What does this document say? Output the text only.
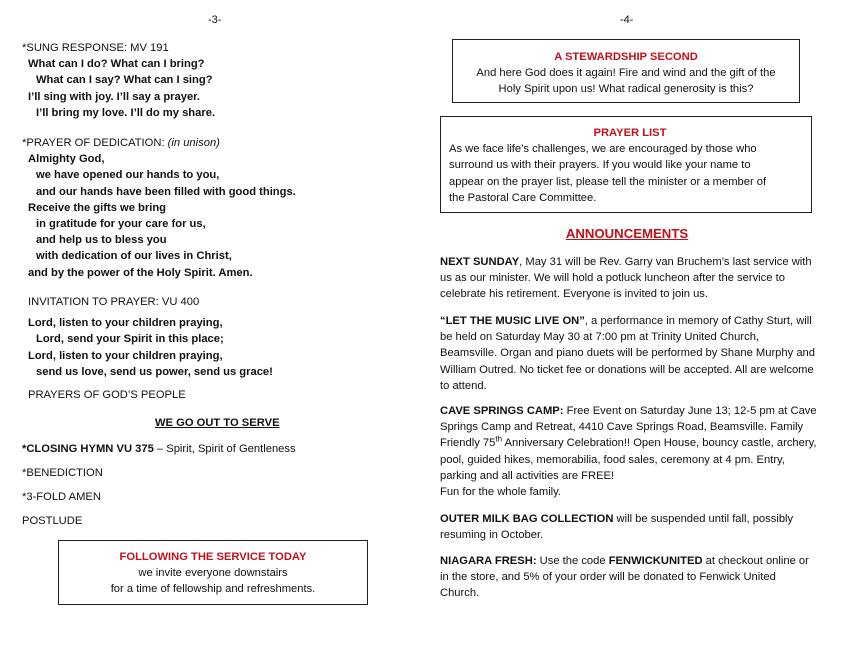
-3-
*SUNG RESPONSE: MV 191
What can I do? What can I bring?
What can I say? What can I sing?
I’ll sing with joy. I’ll say a prayer.
I’ll bring my love. I’ll do my share.
*PRAYER OF DEDICATION: (in unison)
Almighty God,
we have opened our hands to you,
and our hands have been filled with good things.
Receive the gifts we bring
in gratitude for your care for us,
and help us to bless you
with dedication of our lives in Christ,
and by the power of the Holy Spirit. Amen.
INVITATION TO PRAYER: VU 400
Lord, listen to your children praying,
Lord, send your Spirit in this place;
Lord, listen to your children praying,
send us love, send us power, send us grace!
PRAYERS OF GOD’S PEOPLE
WE GO OUT TO SERVE
*CLOSING HYMN VU 375 – Spirit, Spirit of Gentleness
*BENEDICTION
*3-FOLD AMEN
POSTLUDE
FOLLOWING THE SERVICE TODAY
we invite everyone downstairs
for a time of fellowship and refreshments.
-4-
A STEWARDSHIP SECOND
And here God does it again! Fire and wind and the gift of the
Holy Spirit upon us! What radical generosity is this?
PRAYER LIST
As we face life’s challenges, we are encouraged by those who
surround us with their prayers. If you would like your name to
appear on the prayer list, please tell the minister or a member of
the Pastoral Care Committee.
ANNOUNCEMENTS

NEXT SUNDAY, May 31 will be Rev. Garry van Bruchem’s last service with us as our minister. We will hold a potluck luncheon after the service to celebrate his retirement. Everyone is invited to join us.

“LET THE MUSIC LIVE ON”, a performance in memory of Cathy Sturt, will be held on Saturday May 30 at 7:00 pm at Trinity United Church, Beamsville. Organ and piano duets will be performed by Shane Murphy and William Outred. No ticket fee or donations will be accepted. All are welcome to attend.

CAVE SPRINGS CAMP: Free Event on Saturday June 13; 12-5 pm at Cave Springs Camp and Retreat, 4410 Cave Springs Road, Beamsville. Family Friendly 75th Anniversary Celebration!! Open House, bouncy castle, archery, pool, guided hikes, memorabilia, food sales, ceremony at 4 pm. Entry, parking and all activities are FREE!

Fun for the whole family.

OUTER MILK BAG COLLECTION will be suspended until fall, possibly resuming in October.

NIAGARA FRESH: Use the code FENWICKUNITED at checkout online or in the store, and 5% of your order will be donated to Fenwick United Church.
